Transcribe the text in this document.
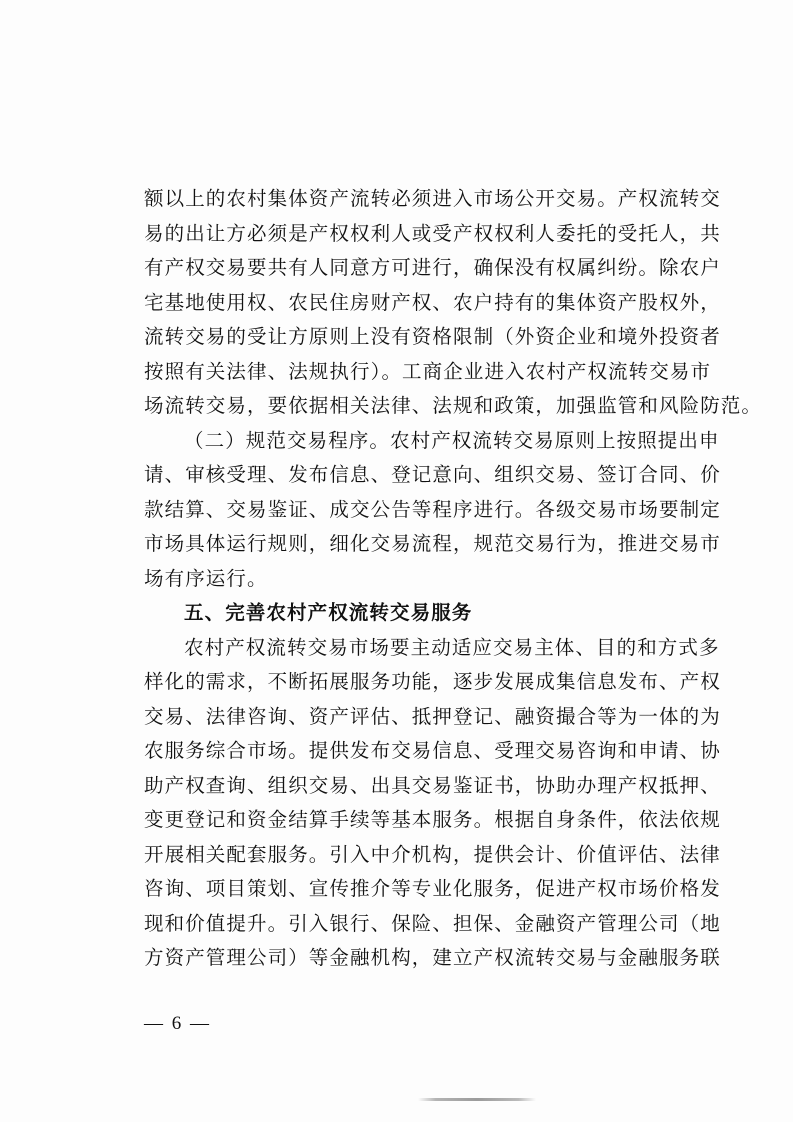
额以上的农村集体资产流转必须进入市场公开交易。产权流转交
易的出让方必须是产权权利人或受产权权利人委托的受托人，共
有产权交易要共有人同意方可进行，确保没有权属纠纷。除农户
宅基地使用权、农民住房财产权、农户持有的集体资产股权外，
流转交易的受让方原则上没有资格限制（外资企业和境外投资者
按照有关法律、法规执行）。工商企业进入农村产权流转交易市
场流转交易，要依据相关法律、法规和政策，加强监管和风险防范。
（二）规范交易程序。农村产权流转交易原则上按照提出申
请、审核受理、发布信息、登记意向、组织交易、签订合同、价
款结算、交易鉴证、成交公告等程序进行。各级交易市场要制定
市场具体运行规则，细化交易流程，规范交易行为，推进交易市
场有序运行。
五、完善农村产权流转交易服务
农村产权流转交易市场要主动适应交易主体、目的和方式多
样化的需求，不断拓展服务功能，逐步发展成集信息发布、产权
交易、法律咨询、资产评估、抵押登记、融资撮合等为一体的为
农服务综合市场。提供发布交易信息、受理交易咨询和申请、协
助产权查询、组织交易、出具交易鉴证书，协助办理产权抵押、
变更登记和资金结算手续等基本服务。根据自身条件，依法依规
开展相关配套服务。引入中介机构，提供会计、价值评估、法律
咨询、项目策划、宣传推介等专业化服务，促进产权市场价格发
现和价值提升。引入银行、保险、担保、金融资产管理公司（地
方资产管理公司）等金融机构，建立产权流转交易与金融服务联
— 6 —
